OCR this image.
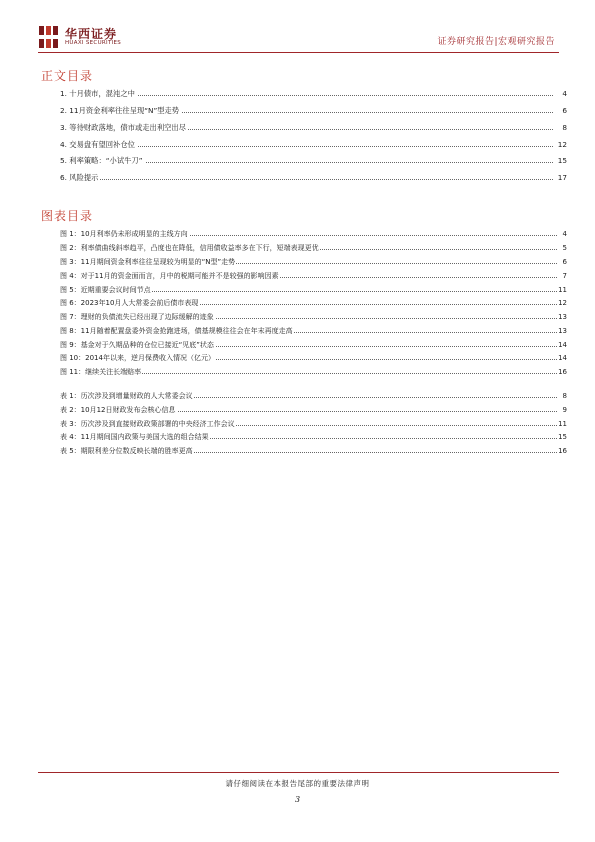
华西证券
HUAXI SECURITIES	证券研究报告|宏观研究报告
正文目录
1. 十月债市，混沌之中	4
2. 11月资金利率往往呈现“N”型走势	6
3. 等待财政落地，债市或走出利空出尽	8
4. 交易盘有望回补仓位	12
5. 利率策略：“小试牛刀”	15
6. 风险提示	17
图表目录
图 1：10月利率仍未形成明显的主线方向	4
图 2：利率债曲线斜率趋平，凸度也在降低，信用债收益率多在下行，短端表现更优	5
图 3：11月期间资金利率往往呈现较为明显的“N型”走势	6
图 4：对于11月的资金面而言，月中的税期可能并不是较强的影响因素	7
图 5：近期重要会议时间节点	11
图 6：2023年10月人大常委会前后债市表现	12
图 7：理财的负债流失已经出现了边际缓解的迹象	13
图 8：11月随着配置盘委外资金抢跑进场，债基规模往往会在年末再度走高	13
图 9：基金对于久期品种的仓位已接近“见底”状态	14
图 10：2014年以来，逆月保费收入情况（亿元）	14
图 11：继续关注长端赔率	16
表 1：历次涉及到增量财政的人大常委会议	8
表 2：10月12日财政发布会核心信息	9
表 3：历次涉及到直接财政政策部署的中央经济工作会议	11
表 4：11月期间国内政策与美国大选的组合结果	15
表 5：期限利差分位数反映长端的胜率更高	16
请仔细阅读在本报告尾部的重要法律声明
3
